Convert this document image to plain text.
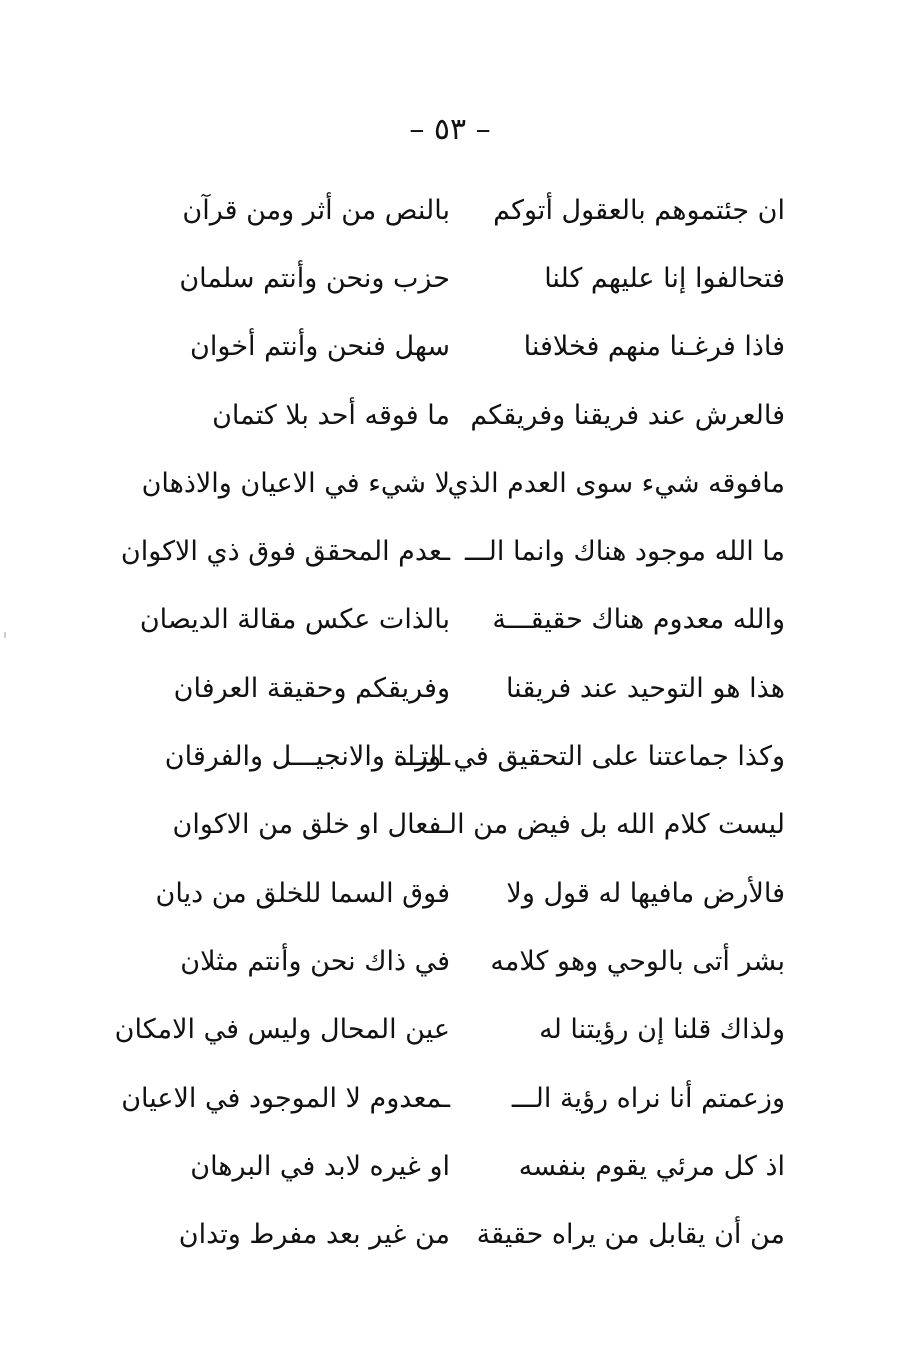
– ٥٣ –
ان جئتموهم بالعقول أتوكم
بالنص من أثر ومن قرآن
فتحالفوا إنا عليهم كلنا
حزب ونحن وأنتم سلمان
فاذا فرغـنا منهم فخلافنا
سهل فنحن وأنتم أخوان
فالعرش عند فريقنا وفريقكم
ما فوقه أحد بلا كتمان
مافوقه شيء سوى العدم الذي
لا شيء في الاعيان والاذهان
ما الله موجود هناك وانما الـــ
ـعدم المحقق فوق ذي الاكوان
والله معدوم هناك حقيقـــة
بالذات عكس مقالة الديصان
هذا هو التوحيد عند فريقنا
وفريقكم وحقيقة العرفان
وكذا جماعتنا على التحقيق في التـــ
ـوراة والانجيـــل والفرقان
ليست كلام الله بل فيض من الـــ
ـفعال او خلق من الاكوان
فالأرض مافيها له قول ولا
فوق السما للخلق من ديان
بشر أتى بالوحي وهو كلامه
في ذاك نحن وأنتم مثلان
ولذاك قلنا إن رؤيتنا له
عين المحال وليس في الامكان
وزعمتم أنا نراه رؤية الـــ
ـمعدوم لا الموجود في الاعيان
اذ كل مرئي يقوم بنفسه
او غيره لابد في البرهان
من أن يقابل من يراه حقيقة
من غير بعد مفرط وتدان
